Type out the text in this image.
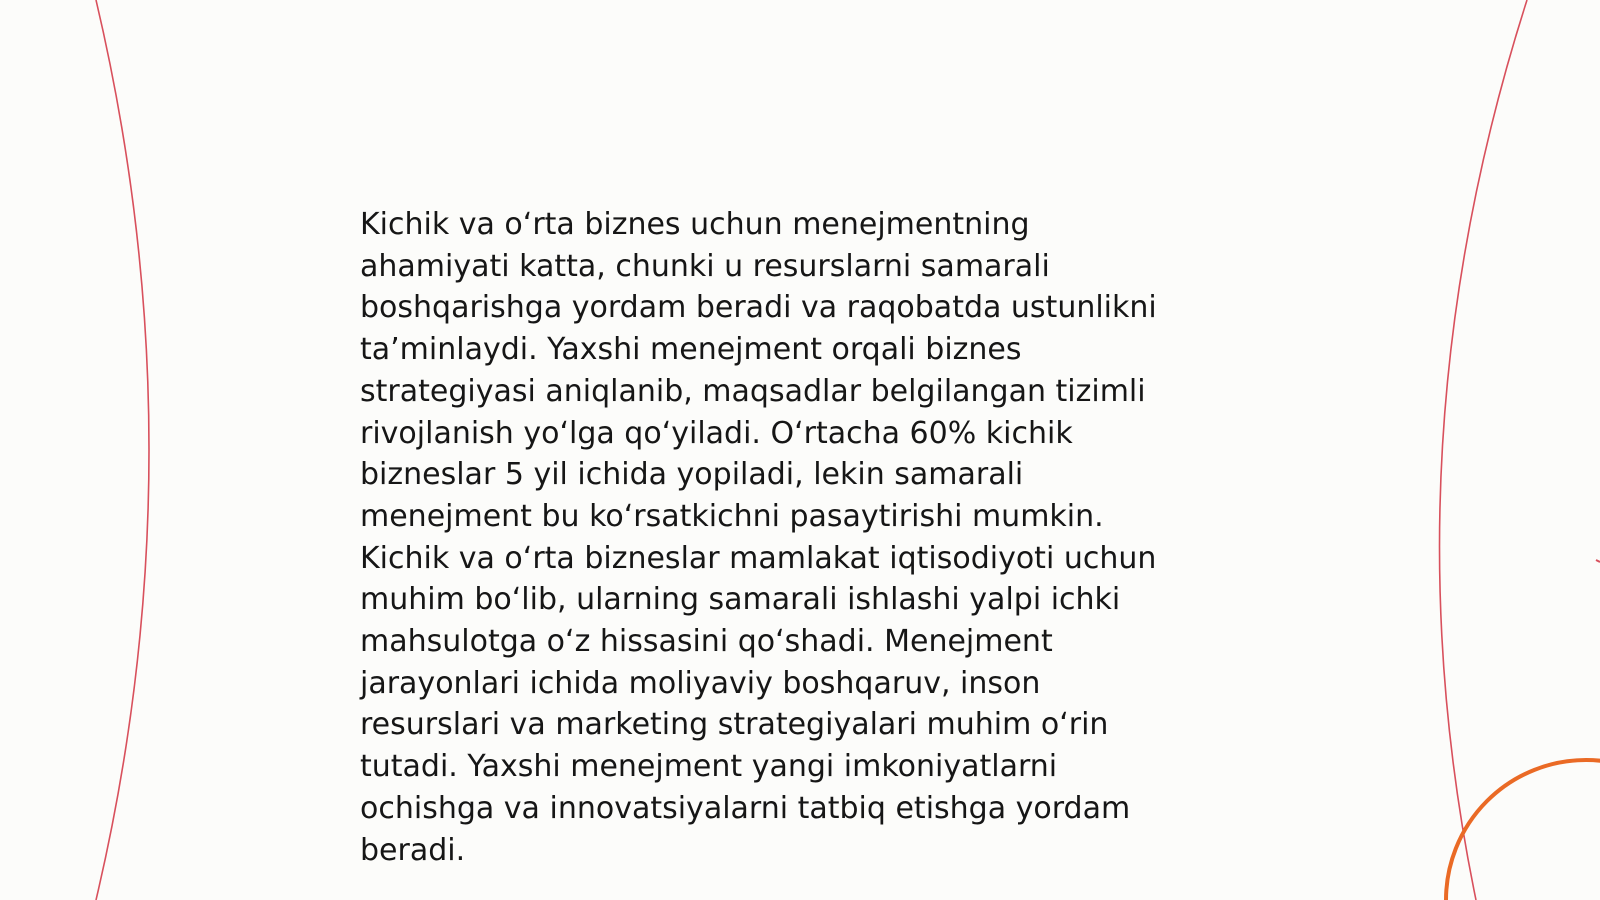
Kichik va o‘rta biznes uchun menejmentning
ahamiyati katta, chunki u resurslarni samarali
boshqarishga yordam beradi va raqobatda ustunlikni
ta’minlaydi. Yaxshi menejment orqali biznes
strategiyasi aniqlanib, maqsadlar belgilangan tizimli
rivojlanish yo‘lga qo‘yiladi. O‘rtacha 60% kichik
bizneslar 5 yil ichida yopiladi, lekin samarali
menejment bu ko‘rsatkichni pasaytirishi mumkin.
Kichik va o‘rta bizneslar mamlakat iqtisodiyoti uchun
muhim bo‘lib, ularning samarali ishlashi yalpi ichki
mahsulotga o‘z hissasini qo‘shadi. Menejment
jarayonlari ichida moliyaviy boshqaruv, inson
resurslari va marketing strategiyalari muhim o‘rin
tutadi. Yaxshi menejment yangi imkoniyatlarni
ochishga va innovatsiyalarni tatbiq etishga yordam
beradi.
